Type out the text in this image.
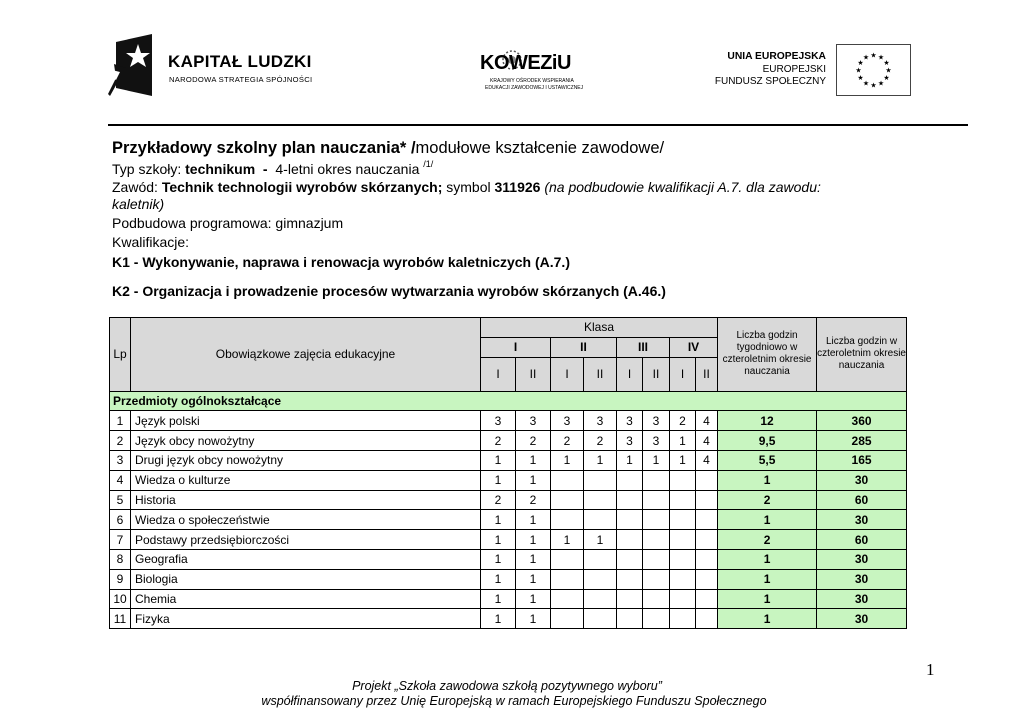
KAPITAŁ LUDZKI
NARODOWA STRATEGIA SPÓJNOŚCI
KOWEZiU
KRAJOWY OŚRODEK WSPIERANIA
EDUKACJI ZAWODOWEJ I USTAWICZNEJ
UNIA EUROPEJSKA
EUROPEJSKI
FUNDUSZ SPOŁECZNY
★ ★
★
★
★
★
★
★
★
★
★
★
Przykładowy szkolny plan nauczania* /modułowe kształcenie zawodowe/
Typ szkoły: technikum  -  4-letni okres nauczania $^{/1/}$
Zawód: Technik technologii wyrobów skórzanych; symbol 311926 (na podbudowie kwalifikacji A.7. dla zawodu:
kaletnik)
Podbudowa programowa: gimnazjum
Kwalifikacje:
K1 - Wykonywanie, naprawa i renowacja wyrobów kaletniczych (A.7.)
K2 - Organizacja i prowadzenie procesów wytwarzania wyrobów skórzanych (A.46.)
Lp	Obowiązkowe zajęcia edukacyjne	Klasa								Liczba godzin tygodniowo w czteroletnim okresie nauczania	Liczba godzin w czteroletnim okresie nauczania
		I		II		III		IV			
		I	II	I	II	I	II	I	II		
Przedmioty ogólnokształcące											
1	Język polski	3	3	3	3	3	3	2	4	12	360
2	Język obcy nowożytny	2	2	2	2	3	3	1	4	9,5	285
3	Drugi język obcy nowożytny	1	1	1	1	1	1	1	4	5,5	165
4	Wiedza o kulturze	1	1							1	30
5	Historia	2	2							2	60
6	Wiedza o społeczeństwie	1	1							1	30
7	Podstawy przedsiębiorczości	1	1	1	1					2	60
8	Geografia	1	1							1	30
9	Biologia	1	1							1	30
10	Chemia	1	1							1	30
11	Fizyka	1	1							1	30
1
Projekt „Szkoła zawodowa szkołą pozytywnego wyboru”
współfinansowany przez Unię Europejską w ramach Europejskiego Funduszu Społecznego
